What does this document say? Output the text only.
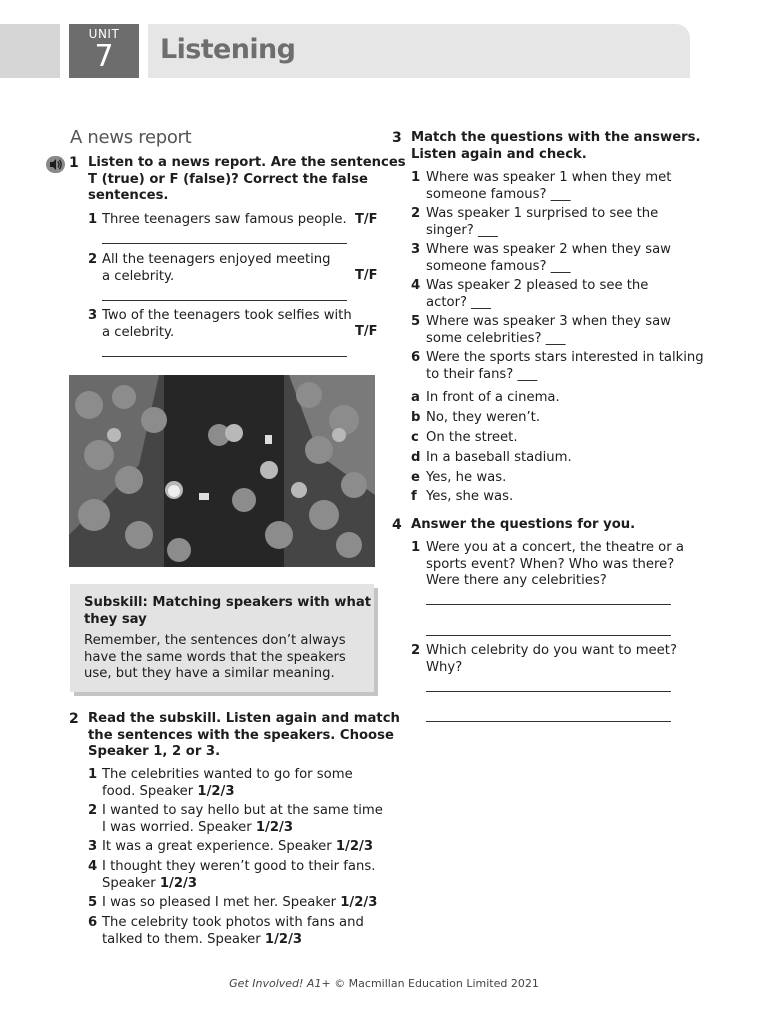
UNIT
7	Listening
A news report
1 Listen to a news report. Are the sentences
T (true) or F (false)? Correct the false
sentences.
1 Three teenagers saw famous people. T/F
2 All the teenagers enjoyed meeting
a celebrity.	T/F
3 Two of the teenagers took selfies with
a celebrity.	T/F
Subskill: Matching speakers with what
they say
Remember, the sentences don’t always
have the same words that the speakers
use, but they have a similar meaning.
2 Read the subskill. Listen again and match
the sentences with the speakers. Choose
Speaker 1, 2 or 3.
1 The celebrities wanted to go for some
food. Speaker 1/2/3
2 I wanted to say hello but at the same time
I was worried. Speaker 1/2/3
3 It was a great experience. Speaker 1/2/3
4 I thought they weren’t good to their fans.
Speaker 1/2/3
5 I was so pleased I met her. Speaker 1/2/3
6 The celebrity took photos with fans and
talked to them. Speaker 1/2/3
3 Match the questions with the answers.
Listen again and check.
1 Where was speaker 1 when they met
someone famous? ___
2 Was speaker 1 surprised to see the
singer? ___
3 Where was speaker 2 when they saw
someone famous? ___
4 Was speaker 2 pleased to see the
actor? ___
5 Where was speaker 3 when they saw
some celebrities? ___
6 Were the sports stars interested in talking
to their fans? ___
a In front of a cinema.
b No, they weren’t.
c On the street.
d In a baseball stadium.
e Yes, he was.
f Yes, she was.
4 Answer the questions for you.
1 Were you at a concert, the theatre or a
sports event? When? Who was there?
Were there any celebrities?
2 Which celebrity do you want to meet?
Why?
Get Involved! A1+ © Macmillan Education Limited 2021
